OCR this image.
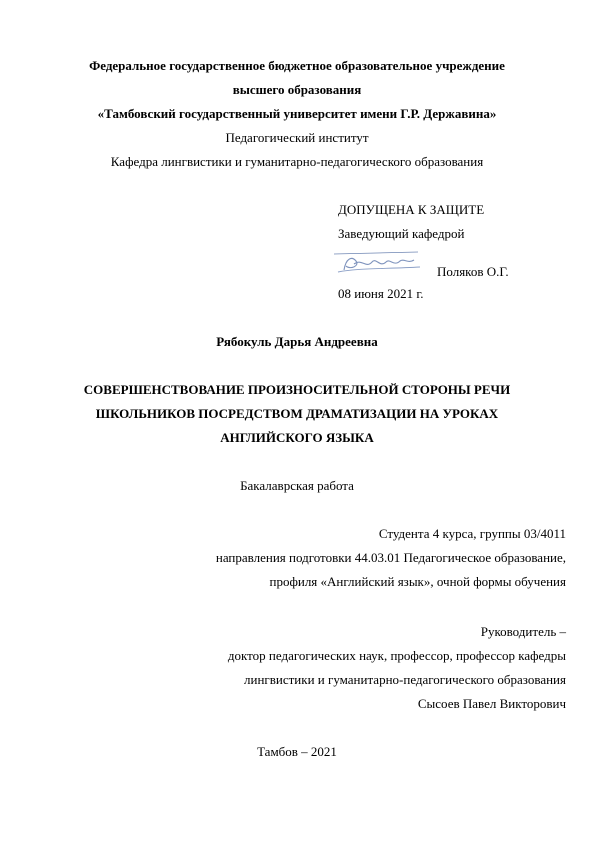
Федеральное государственное бюджетное образовательное учреждение
высшего образования
«Тамбовский государственный университет имени Г.Р. Державина»
Педагогический институт
Кафедра лингвистики и гуманитарно-педагогического образования
ДОПУЩЕНА К ЗАЩИТЕ
Заведующий кафедрой
Поляков О.Г.
08 июня 2021 г.
Рябокуль Дарья Андреевна
СОВЕРШЕНСТВОВАНИЕ ПРОИЗНОСИТЕЛЬНОЙ СТОРОНЫ РЕЧИ
ШКОЛЬНИКОВ ПОСРЕДСТВОМ ДРАМАТИЗАЦИИ НА УРОКАХ
АНГЛИЙСКОГО ЯЗЫКА
Бакалаврская работа
Студента 4 курса, группы 03/4011
направления подготовки 44.03.01 Педагогическое образование,
профиля «Английский язык», очной формы обучения
Руководитель –
доктор педагогических наук, профессор, профессор кафедры
лингвистики и гуманитарно-педагогического образования
Сысоев Павел Викторович
Тамбов – 2021
